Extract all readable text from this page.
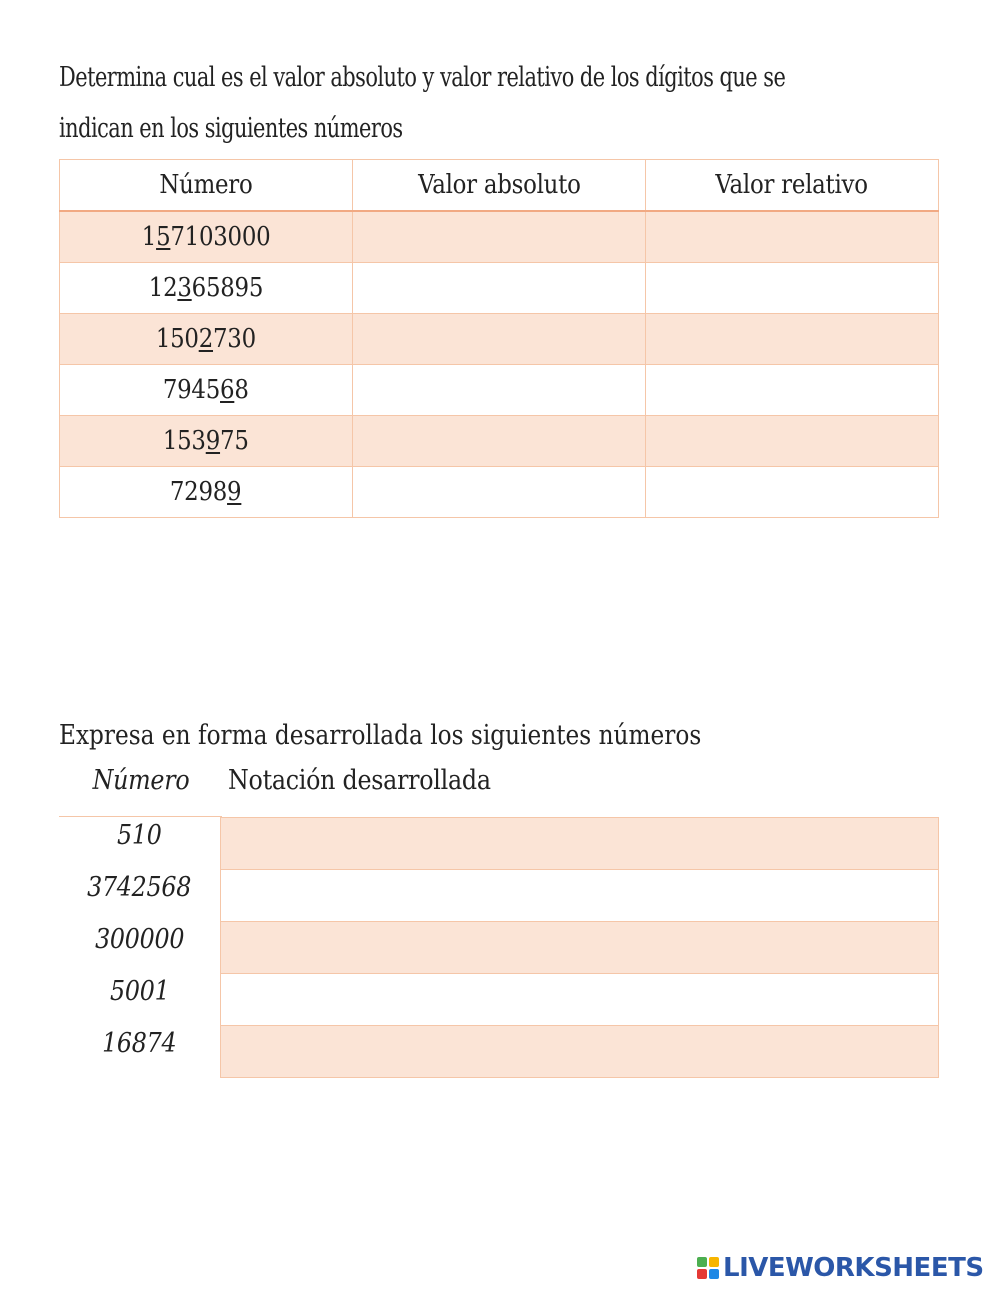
Determina cual es el valor absoluto y valor relativo de los dígitos que se
indican en los siguientes números
Número	Valor absoluto	Valor relativo
157103000		
12365895		
1502730		
794568		
153975		
72989		
Expresa en forma desarrollada los siguientes números
Número	Notación desarrollada
510	
3742568	
300000	
5001	
16874	
LIVEWORKSHEETS
